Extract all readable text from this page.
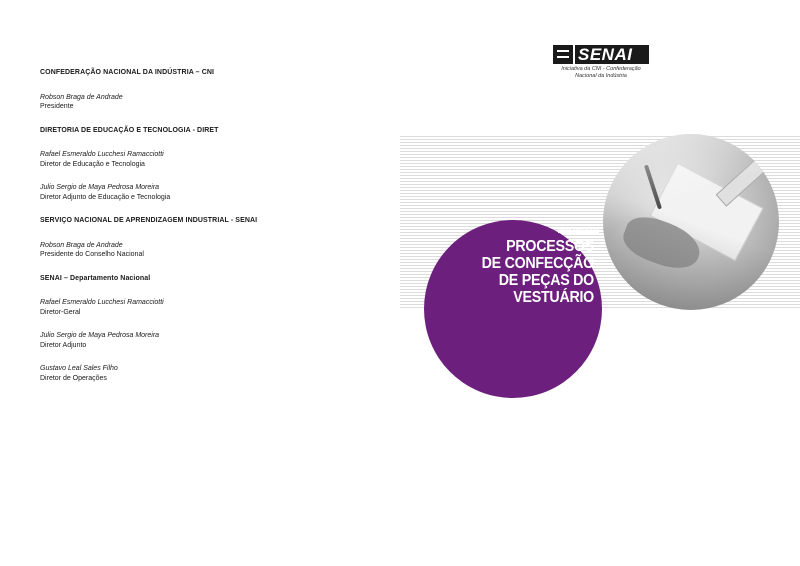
CONFEDERAÇÃO NACIONAL DA INDÚSTRIA – CNI
Robson Braga de Andrade
Presidente
DIRETORIA DE EDUCAÇÃO E TECNOLOGIA - DIRET
Rafael Esmeraldo Lucchesi Ramacciotti
Diretor de Educação e Tecnologia
Julio Sergio de Maya Pedrosa Moreira
Diretor Adjunto de Educação e Tecnologia
SERVIÇO NACIONAL DE APRENDIZAGEM INDUSTRIAL - SENAI
Robson Braga de Andrade
Presidente do Conselho Nacional
SENAI – Departamento Nacional
Rafael Esmeraldo Lucchesi Ramacciotti
Diretor-Geral
Julio Sergio de Maya Pedrosa Moreira
Diretor Adjunto
Gustavo Leal Sales Filho
Diretor de Operações
SENAI
Iniciativa da CNI - Confederação
Nacional da Indústria
SÉRIE VESTUÁRIO
PROCESSOS
DE CONFECÇÃO
DE PEÇAS DO
VESTUÁRIO
